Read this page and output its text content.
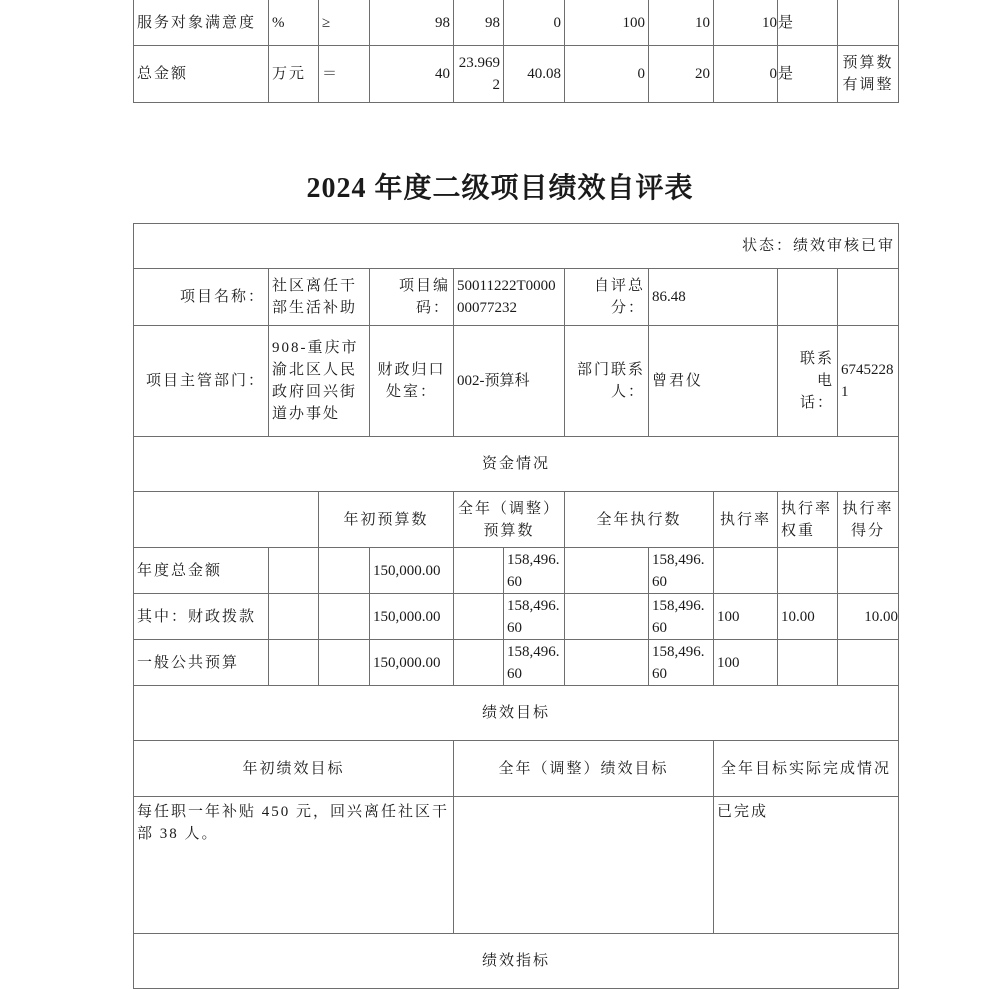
服务对象满意度	%	≥	98	98	0	100	10	10	是	
总金额	万元	＝	40	23.9692	40.08	0	20	0	是	预算数有调整
2024 年度二级项目绩效自评表
状态：绩效审核已审										
项目名称：	社区离任干部生活补助		项目编码：	50011222T000000077232		自评总分：	86.48			
项目主管部门：	908-重庆市渝北区人民政府回兴街道办事处		财政归口处室：	002-预算科		部门联系人：	曾君仪		联系电话：	67452281
资金情况										
		年初预算数		全年（调整）预算数		全年执行数		执行率	执行率权重	执行率得分
年度总金额			150,000.00		158,496.60		158,496.60			
其中：财政拨款			150,000.00		158,496.60		158,496.60	100	10.00	10.00
一般公共预算			150,000.00		158,496.60		158,496.60	100		
绩效目标										
年初绩效目标				全年（调整）绩效目标				全年目标实际完成情况		
每任职一年补贴 450 元，回兴离任社区干部 38 人。								已完成		
绩效指标										
